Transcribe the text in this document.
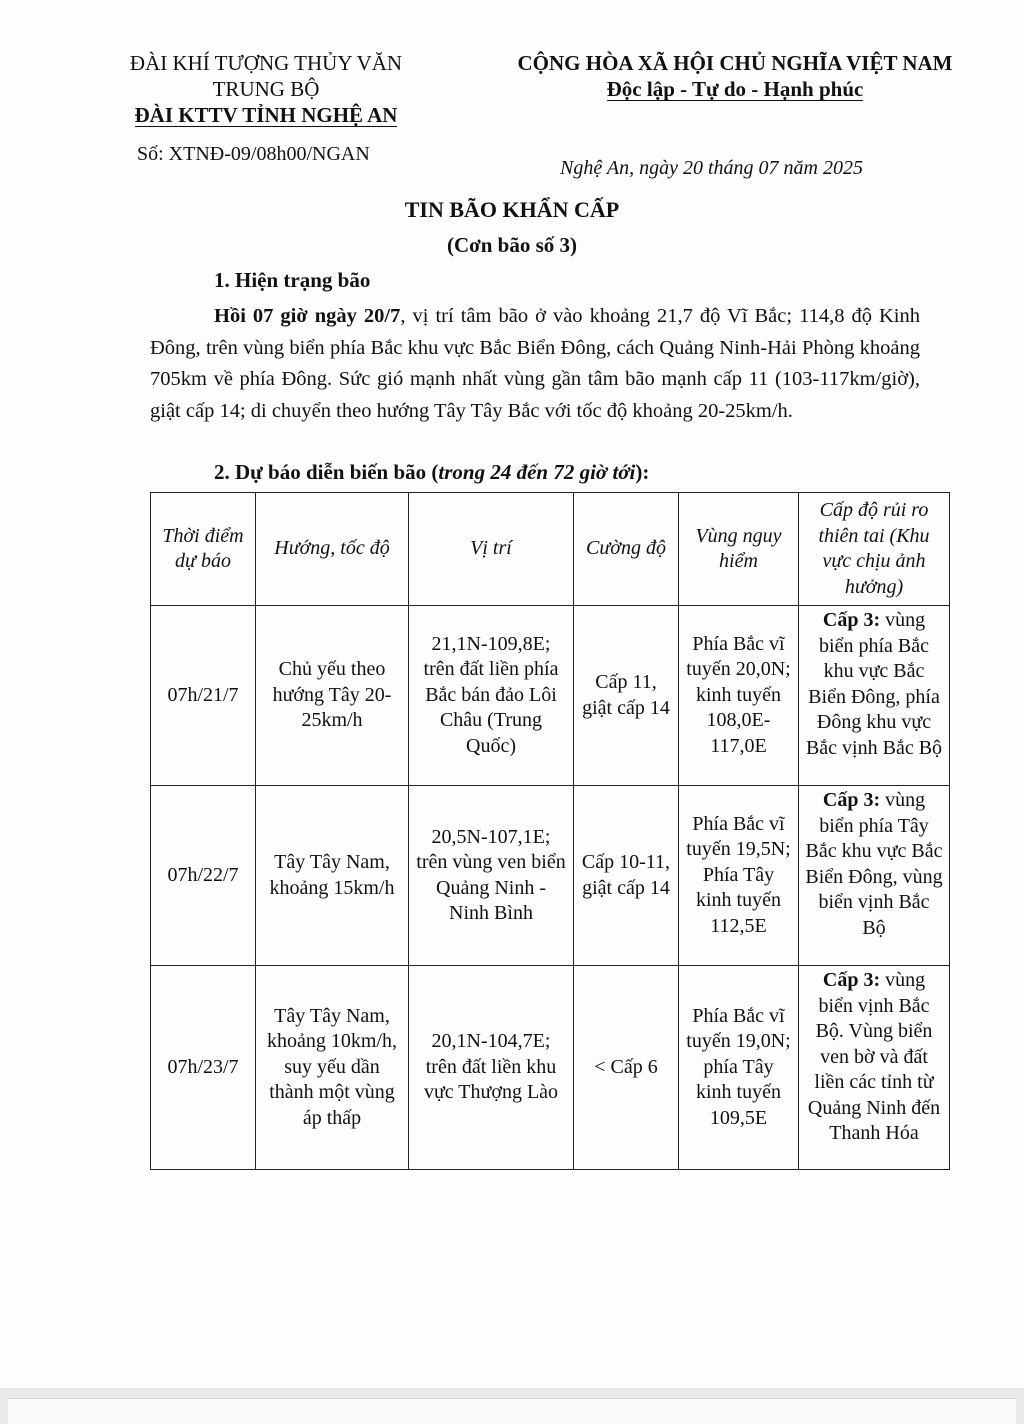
ĐÀI KHÍ TƯỢNG THỦY VĂN
TRUNG BỘ
ĐÀI KTTV TỈNH NGHỆ AN
CỘNG HÒA XÃ HỘI CHỦ NGHĨA VIỆT NAM
Độc lập - Tự do - Hạnh phúc
Số: XTNĐ-09/08h00/NGAN
Nghệ An, ngày 20 tháng 07 năm 2025
TIN BÃO KHẨN CẤP
(Cơn bão số 3)
1. Hiện trạng bão
Hồi 07 giờ ngày 20/7, vị trí tâm bão ở vào khoảng 21,7 độ Vĩ Bắc; 114,8 độ Kinh Đông, trên vùng biển phía Bắc khu vực Bắc Biển Đông, cách Quảng Ninh-Hải Phòng khoảng 705km về phía Đông. Sức gió mạnh nhất vùng gần tâm bão mạnh cấp 11 (103-117km/giờ), giật cấp 14; di chuyển theo hướng Tây Tây Bắc với tốc độ khoảng 20-25km/h.
2. Dự báo diễn biến bão (trong 24 đến 72 giờ tới):
Thời điểm dự báo	Hướng, tốc độ	Vị trí	Cường độ	Vùng nguy hiểm	Cấp độ rủi ro thiên tai (Khu vực chịu ảnh hưởng)
07h/21/7	Chủ yếu theo hướng Tây 20-25km/h	21,1N-109,8E; trên đất liền phía Bắc bán đảo Lôi Châu (Trung Quốc)	Cấp 11, giật cấp 14	Phía Bắc vĩ tuyến 20,0N; kinh tuyến 108,0E-117,0E	Cấp 3: vùng biển phía Bắc khu vực Bắc Biển Đông, phía Đông khu vực Bắc vịnh Bắc Bộ
07h/22/7	Tây Tây Nam, khoảng 15km/h	20,5N-107,1E; trên vùng ven biển Quảng Ninh - Ninh Bình	Cấp 10-11, giật cấp 14	Phía Bắc vĩ tuyến 19,5N; Phía Tây kinh tuyến 112,5E	Cấp 3: vùng biển phía Tây Bắc khu vực Bắc Biển Đông, vùng biển vịnh Bắc Bộ
07h/23/7	Tây Tây Nam, khoảng 10km/h, suy yếu dần thành một vùng áp thấp	20,1N-104,7E; trên đất liền khu vực Thượng Lào	< Cấp 6	Phía Bắc vĩ tuyến 19,0N; phía Tây kinh tuyến 109,5E	Cấp 3: vùng biển vịnh Bắc Bộ. Vùng biển ven bờ và đất liền các tỉnh từ Quảng Ninh đến Thanh Hóa
